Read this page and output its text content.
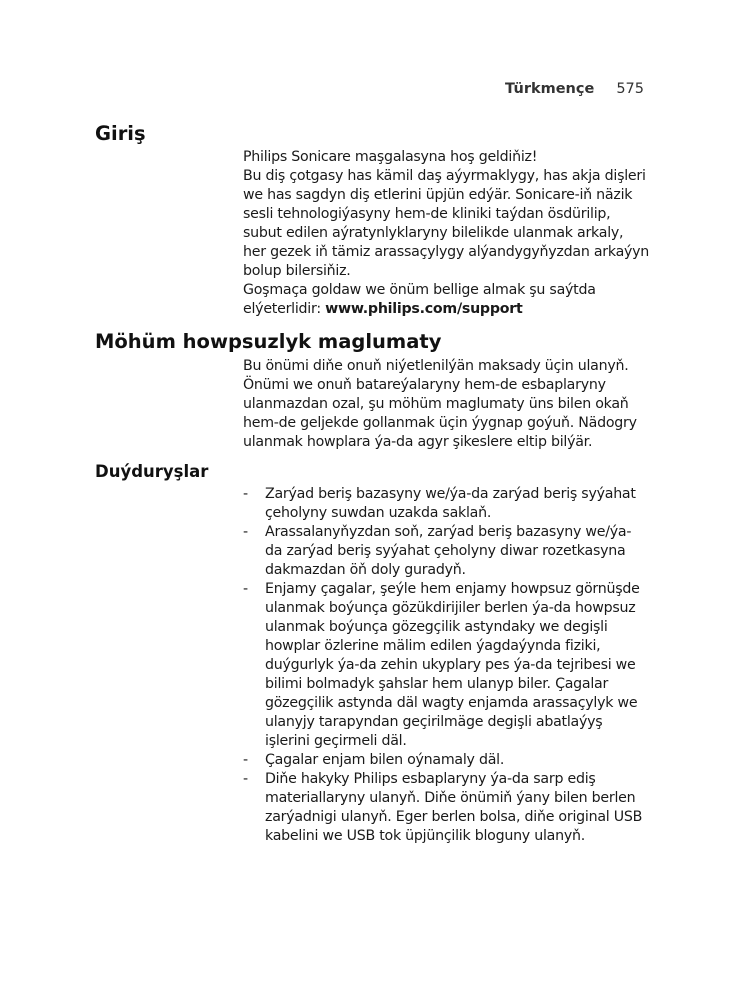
Türkmençe 575
Giriş
Philips Sonicare maşgalasyna hoş geldiňiz!
Bu diş çotgasy has kämil daş aýyrmaklygy, has akja dişleri
we has sagdyn diş etlerini üpjün edýär. Sonicare-iň näzik
sesli tehnologiýasyny hem-de kliniki taýdan ösdürilip,
subut edilen aýratynlyklaryny bilelikde ulanmak arkaly,
her gezek iň tämiz arassaçylygy alýandygyňyzdan arkaýyn
bolup bilersiňiz.
Goşmaça goldaw we önüm bellige almak şu saýtda
elýeterlidir: www.philips.com/support
Möhüm howpsuzlyk maglumaty
Bu önümi diňe onuň niýetlenilýän maksady üçin ulanyň.
Önümi we onuň batareýalaryny hem-de esbaplaryny
ulanmazdan ozal, şu möhüm maglumaty üns bilen okaň
hem-de geljekde gollanmak üçin ýygnap goýuň. Nädogry
ulanmak howplara ýa-da agyr şikeslere eltip bilýär.
Duýduryşlar
- Zarýad beriş bazasyny we/ýa-da zarýad beriş syýahat
çeholyny suwdan uzakda saklaň.
- Arassalanyňyzdan soň, zarýad beriş bazasyny we/ýa-
da zarýad beriş syýahat çeholyny diwar rozetkasyna
dakmazdan öň doly guradyň.
- Enjamy çagalar, şeýle hem enjamy howpsuz görnüşde
ulanmak boýunça gözükdirijiler berlen ýa-da howpsuz
ulanmak boýunça gözegçilik astyndaky we degişli
howplar özlerine mälim edilen ýagdaýynda fiziki,
duýgurlyk ýa-da zehin ukyplary pes ýa-da tejribesi we
bilimi bolmadyk şahslar hem ulanyp biler. Çagalar
gözegçilik astynda däl wagty enjamda arassaçylyk we
ulanyjy tarapyndan geçirilmäge degişli abatlaýyş
işlerini geçirmeli däl.
- Çagalar enjam bilen oýnamaly däl.
- Diňe hakyky Philips esbaplaryny ýa-da sarp ediş
materiallaryny ulanyň. Diňe önümiň ýany bilen berlen
zarýadnigi ulanyň. Eger berlen bolsa, diňe original USB
kabelini we USB tok üpjünçilik bloguny ulanyň.
